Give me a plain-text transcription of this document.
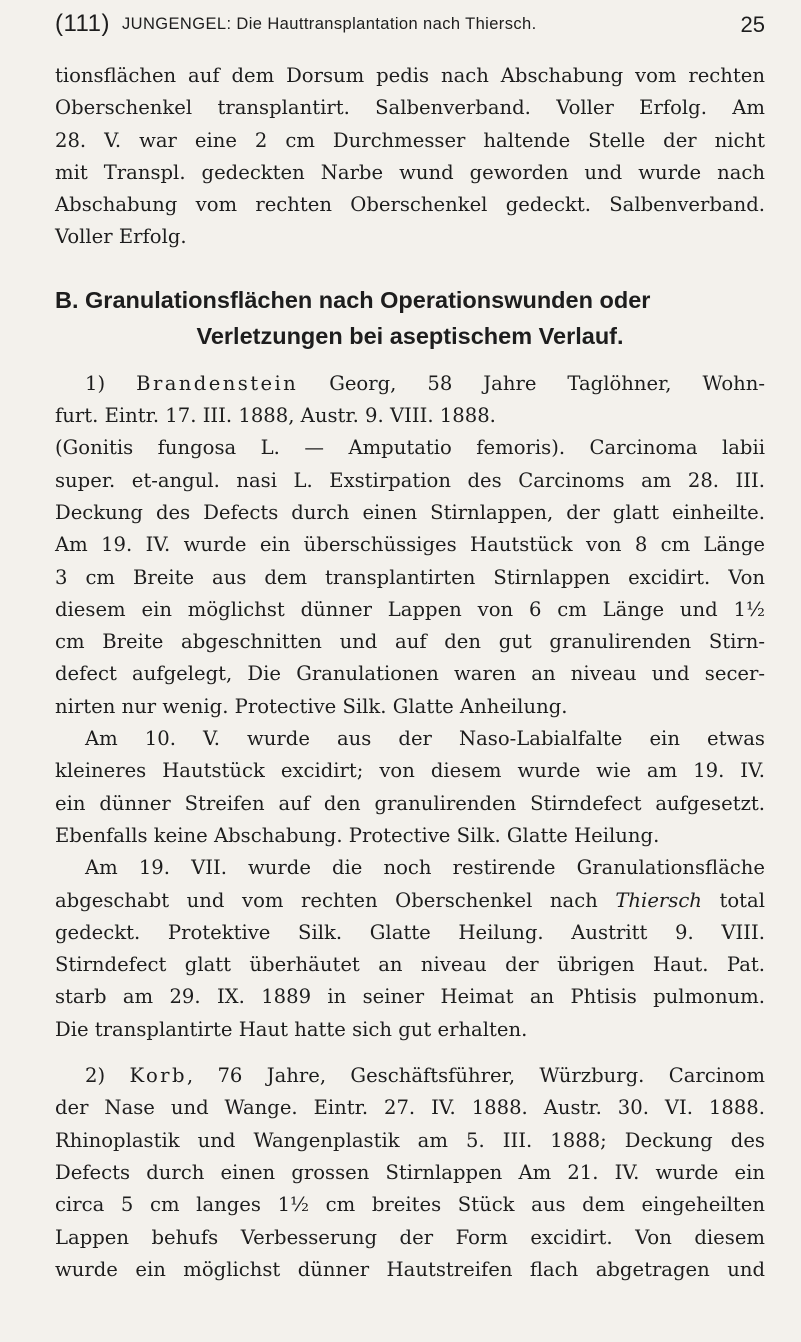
(111) JUNGENGEL: Die Hauttransplantation nach Thiersch.	25
tionsflächen auf dem Dorsum pedis nach Abschabung vom rechten
Oberschenkel transplantirt. Salbenverband. Voller Erfolg. Am
28. V. war eine 2 cm Durchmesser haltende Stelle der nicht
mit Transpl. gedeckten Narbe wund geworden und wurde nach
Abschabung vom rechten Oberschenkel gedeckt. Salbenverband.
Voller Erfolg.
B. Granulationsflächen nach Operationswunden oder
Verletzungen bei aseptischem Verlauf.
1) Brandenstein Georg, 58 Jahre Taglöhner, Wohn-
furt. Eintr. 17. III. 1888, Austr. 9. VIII. 1888.
(Gonitis fungosa L. — Amputatio femoris). Carcinoma labii
super. et-angul. nasi L. Exstirpation des Carcinoms am 28. III.
Deckung des Defects durch einen Stirnlappen, der glatt einheilte.
Am 19. IV. wurde ein überschüssiges Hautstück von 8 cm Länge
3 cm Breite aus dem transplantirten Stirnlappen excidirt. Von
diesem ein möglichst dünner Lappen von 6 cm Länge und 1½
cm Breite abgeschnitten und auf den gut granulirenden Stirn-
defect aufgelegt, Die Granulationen waren an niveau und secer-
nirten nur wenig. Protective Silk. Glatte Anheilung.
Am 10. V. wurde aus der Naso-Labialfalte ein etwas
kleineres Hautstück excidirt; von diesem wurde wie am 19. IV.
ein dünner Streifen auf den granulirenden Stirndefect aufgesetzt.
Ebenfalls keine Abschabung. Protective Silk. Glatte Heilung.
Am 19. VII. wurde die noch restirende Granulationsfläche
abgeschabt und vom rechten Oberschenkel nach Thiersch total
gedeckt. Protektive Silk. Glatte Heilung. Austritt 9. VIII.
Stirndefect glatt überhäutet an niveau der übrigen Haut. Pat.
starb am 29. IX. 1889 in seiner Heimat an Phtisis pulmonum.
Die transplantirte Haut hatte sich gut erhalten.
2) Korb, 76 Jahre, Geschäftsführer, Würzburg. Carcinom
der Nase und Wange. Eintr. 27. IV. 1888. Austr. 30. VI. 1888.
Rhinoplastik und Wangenplastik am 5. III. 1888; Deckung des
Defects durch einen grossen Stirnlappen Am 21. IV. wurde ein
circa 5 cm langes 1½ cm breites Stück aus dem eingeheilten
Lappen behufs Verbesserung der Form excidirt. Von diesem
wurde ein möglichst dünner Hautstreifen flach abgetragen und
